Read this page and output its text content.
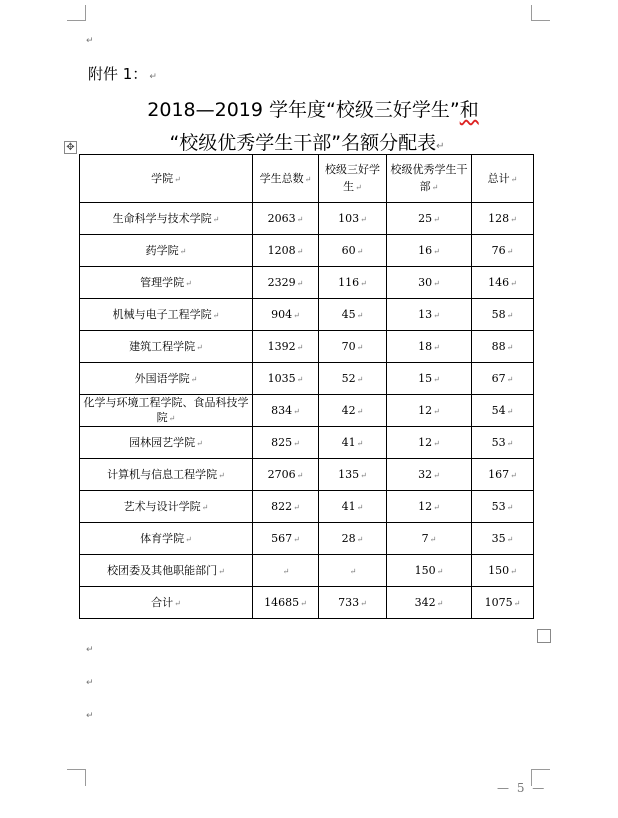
↵
附件 1： ↵
2018—2019 学年度“校级三好学生”和
“校级优秀学生干部”名额分配表↵
✥
学院↵	学生总数↵	校级三好学生↵	校级优秀学生干部↵	总计↵
生命科学与技术学院↵	2063↵	103↵	25↵	128↵
药学院↵	1208↵	60↵	16↵	76↵
管理学院↵	2329↵	116↵	30↵	146↵
机械与电子工程学院↵	904↵	45↵	13↵	58↵
建筑工程学院↵	1392↵	70↵	18↵	88↵
外国语学院↵	1035↵	52↵	15↵	67↵
化学与环境工程学院、食品科技学院↵	834↵	42↵	12↵	54↵
园林园艺学院↵	825↵	41↵	12↵	53↵
计算机与信息工程学院↵	2706↵	135↵	32↵	167↵
艺术与设计学院↵	822↵	41↵	12↵	53↵
体育学院↵	567↵	28↵	7↵	35↵
校团委及其他职能部门↵	↵	↵	150↵	150↵
合计↵	14685↵	733↵	342↵	1075↵
↵
↵
↵
— 5 —
